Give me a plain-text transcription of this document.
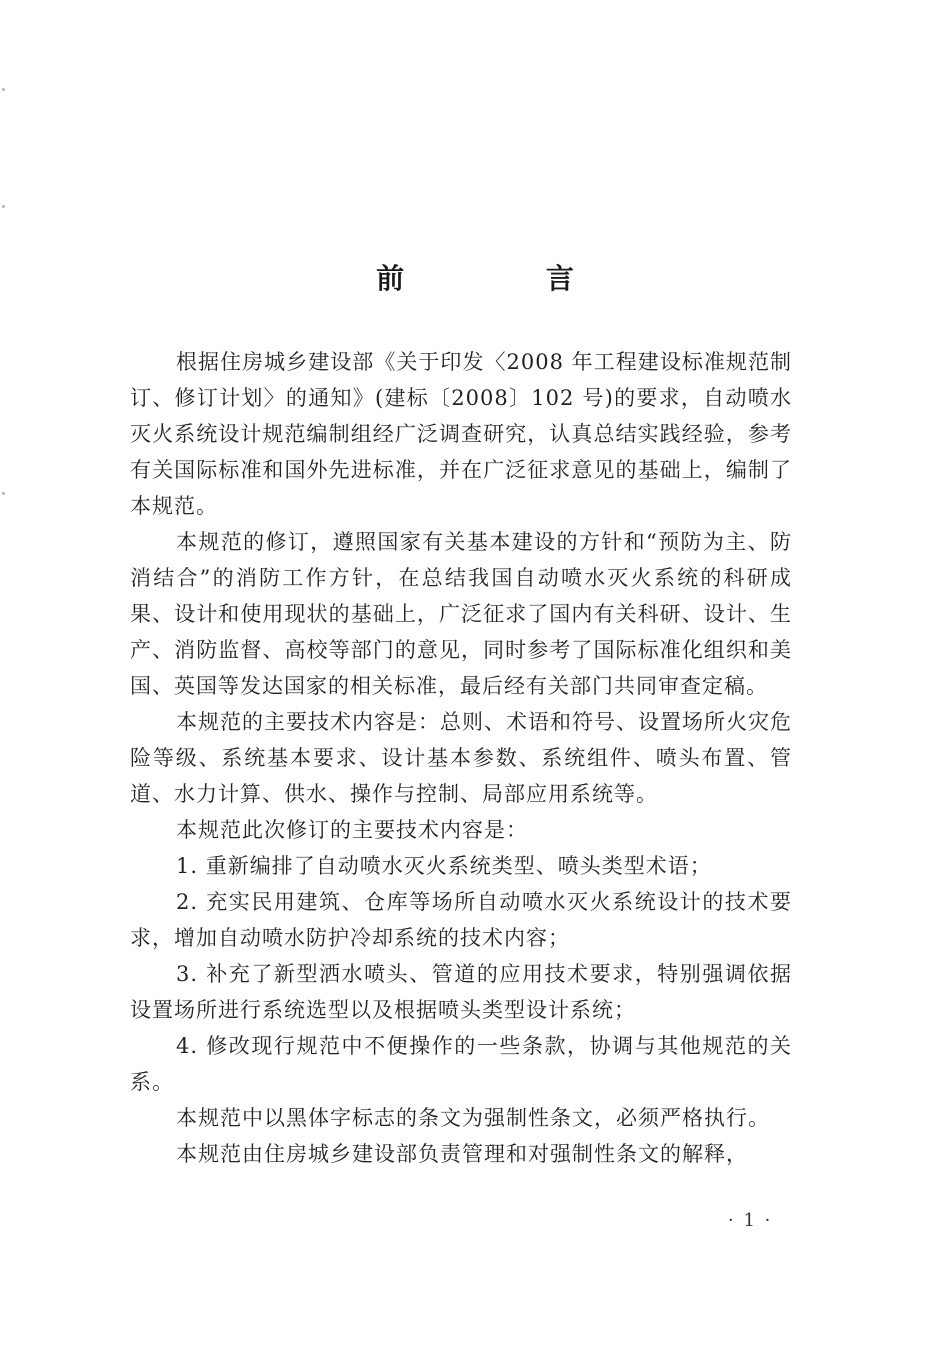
前 言

根据住房城乡建设部《关于印发〈2008 年工程建设标准规范制订、修订计划〉的通知》(建标〔2008〕102 号)的要求，自动喷水灭火系统设计规范编制组经广泛调查研究，认真总结实践经验，参考有关国际标准和国外先进标准，并在广泛征求意见的基础上，编制了本规范。

本规范的修订，遵照国家有关基本建设的方针和“预防为主、防消结合”的消防工作方针，在总结我国自动喷水灭火系统的科研成果、设计和使用现状的基础上，广泛征求了国内有关科研、设计、生产、消防监督、高校等部门的意见，同时参考了国际标准化组织和美国、英国等发达国家的相关标准，最后经有关部门共同审查定稿。

本规范的主要技术内容是：总则、术语和符号、设置场所火灾危险等级、系统基本要求、设计基本参数、系统组件、喷头布置、管道、水力计算、供水、操作与控制、局部应用系统等。

本规范此次修订的主要技术内容是：

1. 重新编排了自动喷水灭火系统类型、喷头类型术语；

2. 充实民用建筑、仓库等场所自动喷水灭火系统设计的技术要求，增加自动喷水防护冷却系统的技术内容；

3. 补充了新型洒水喷头、管道的应用技术要求，特别强调依据设置场所进行系统选型以及根据喷头类型设计系统；

4. 修改现行规范中不便操作的一些条款，协调与其他规范的关系。

本规范中以黑体字标志的条文为强制性条文，必须严格执行。

本规范由住房城乡建设部负责管理和对强制性条文的解释，

· 1 ·
